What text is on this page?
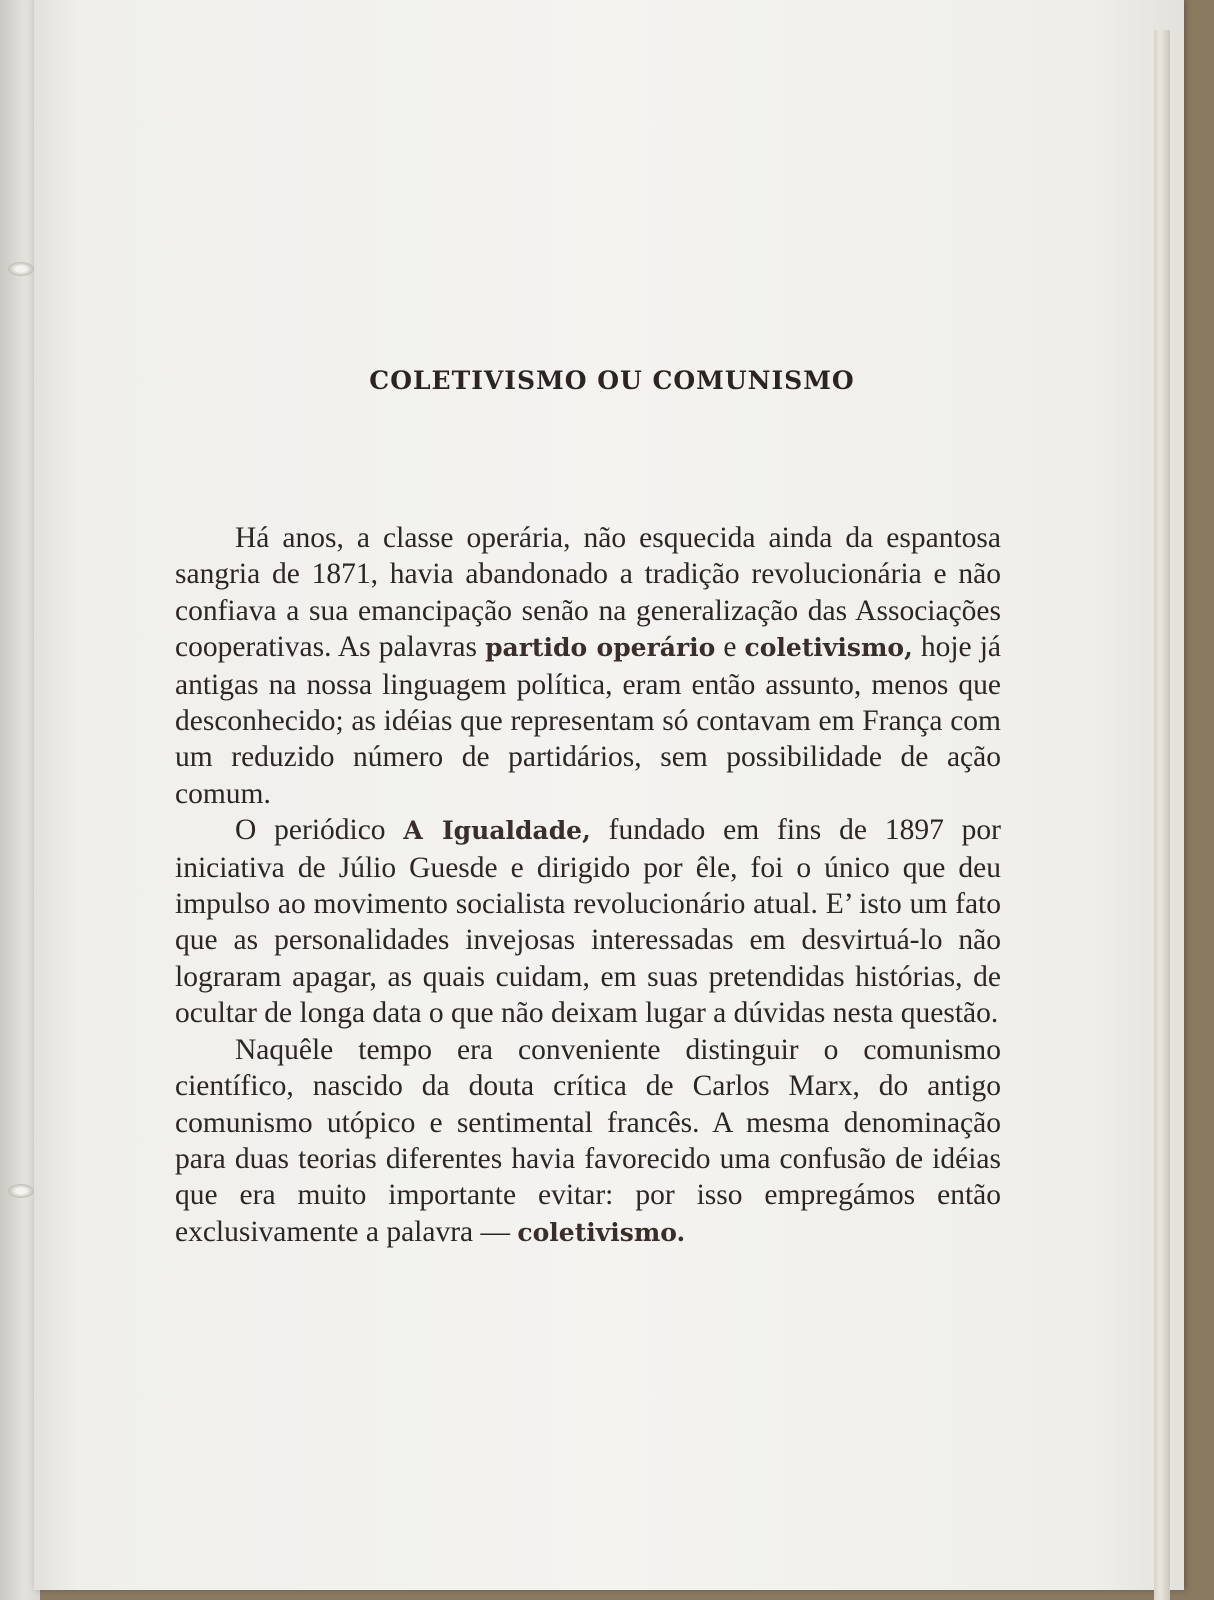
COLETIVISMO OU COMUNISMO

Há anos, a classe operária, não esquecida ainda da espantosa sangria de 1871, havia abandonado a tradição revolucionária e não confiava a sua emancipação senão na generalização das Associações cooperativas. As palavras partido operário e coletivismo, hoje já antigas na nossa linguagem política, eram então assunto, menos que desconhecido; as idéias que representam só contavam em França com um reduzido número de partidários, sem possibilidade de ação comum.

O periódico A Igualdade, fundado em fins de 1897 por iniciativa de Júlio Guesde e dirigido por êle, foi o único que deu impulso ao movimento socialista revolucionário atual. E’ isto um fato que as personalidades invejosas interessadas em desvirtuá-lo não lograram apagar, as quais cuidam, em suas pretendidas histórias, de ocultar de longa data o que não deixam lugar a dúvidas nesta questão.

Naquêle tempo era conveniente distinguir o comunismo científico, nascido da douta crítica de Carlos Marx, do antigo comunismo utópico e sentimental francês. A mesma denominação para duas teorias diferentes havia favorecido uma confusão de idéias que era muito importante evitar: por isso empregámos então exclusivamente a palavra — coletivismo.
